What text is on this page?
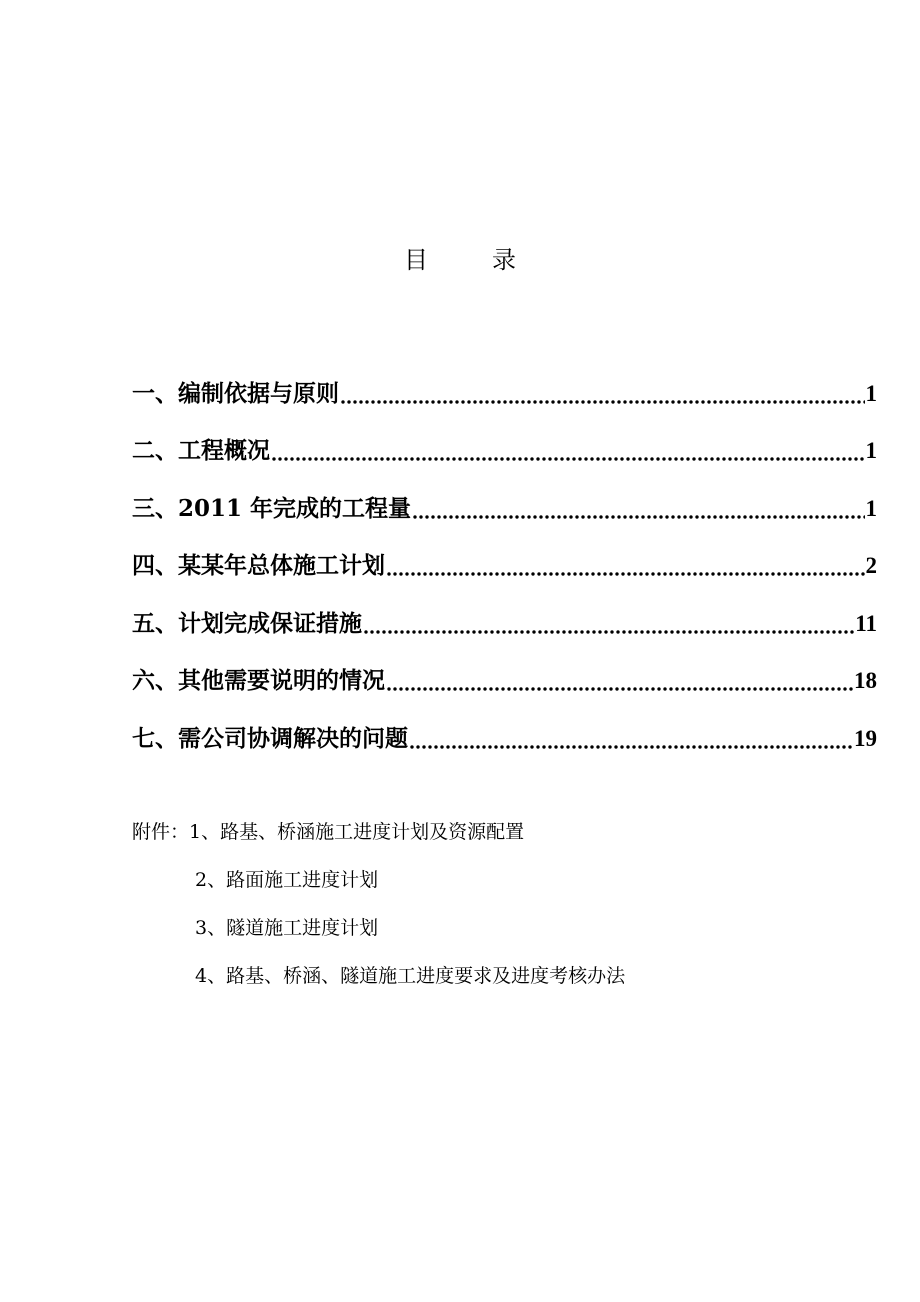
目　录
一、编制依据与原则	1
二、工程概况	1
三、2011 年完成的工程量	1
四、某某年总体施工计划	2
五、计划完成保证措施	11
六、其他需要说明的情况	18
七、需公司协调解决的问题	19
附件：1、路基、桥涵施工进度计划及资源配置
2、路面施工进度计划
3、隧道施工进度计划
4、路基、桥涵、隧道施工进度要求及进度考核办法
